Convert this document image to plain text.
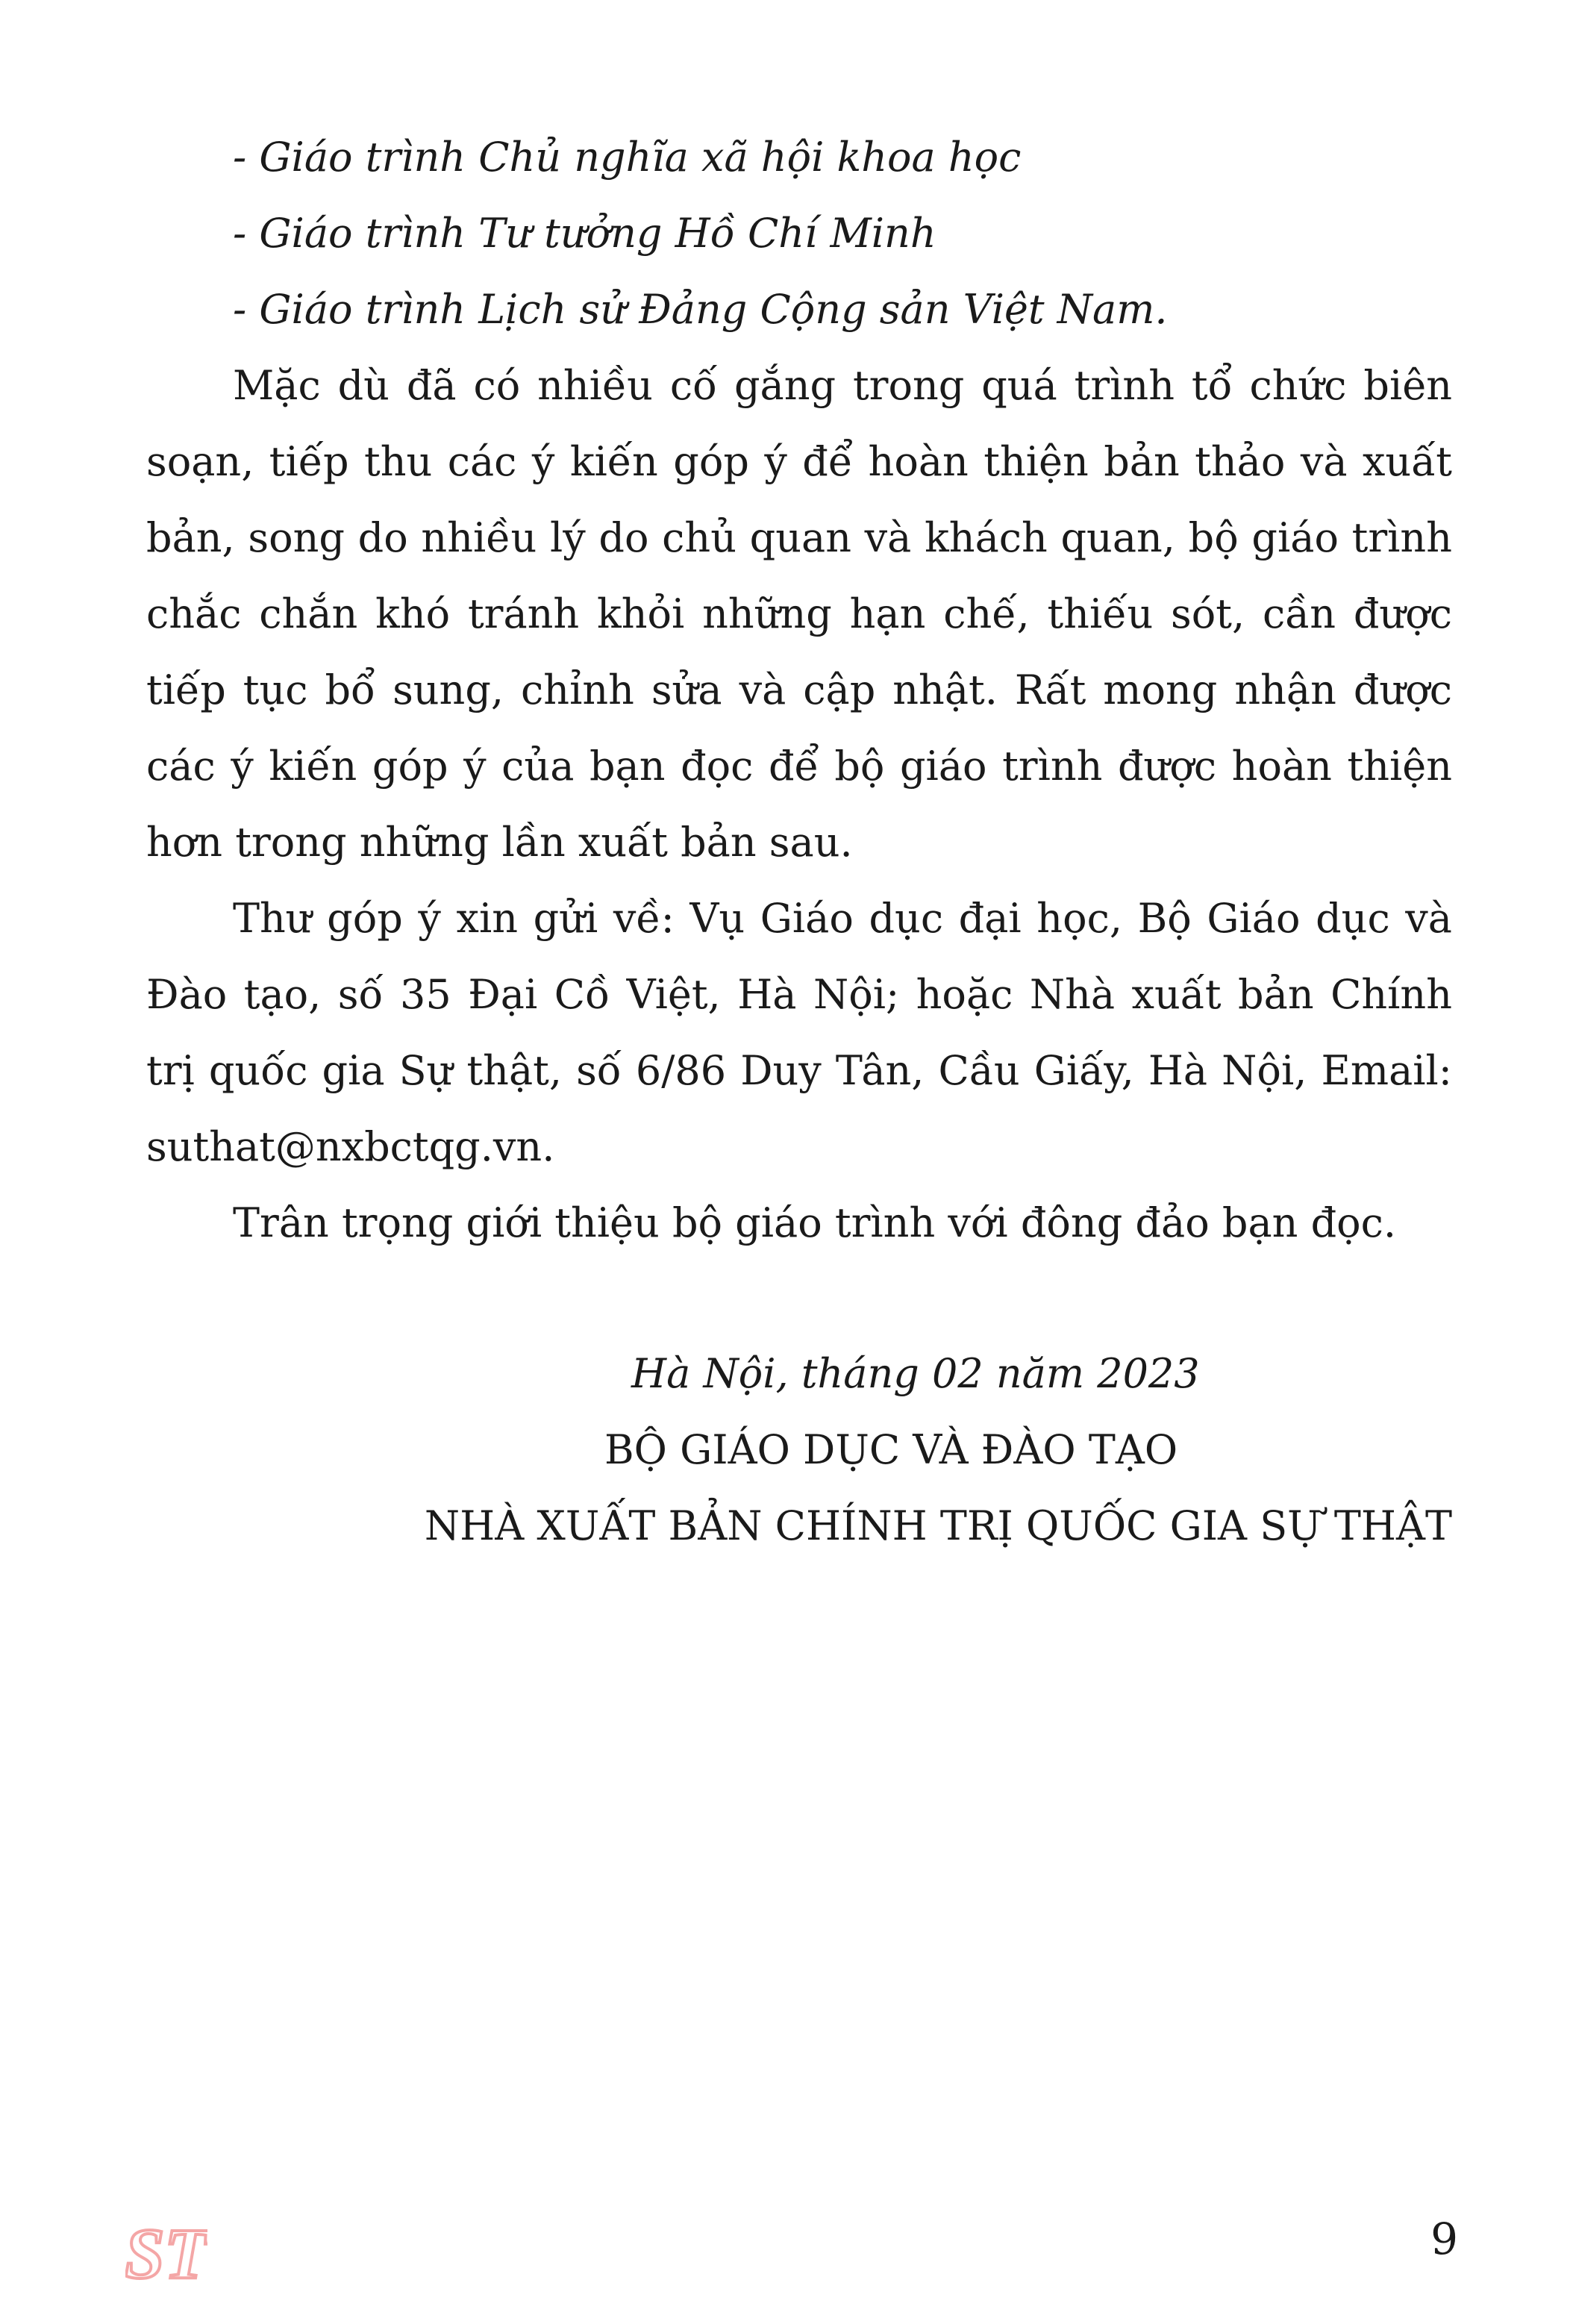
- Giáo trình Chủ nghĩa xã hội khoa học
- Giáo trình Tư tưởng Hồ Chí Minh
- Giáo trình Lịch sử Đảng Cộng sản Việt Nam.
Mặc dù đã có nhiều cố gắng trong quá trình tổ chức biên
soạn, tiếp thu các ý kiến góp ý để hoàn thiện bản thảo và xuất
bản, song do nhiều lý do chủ quan và khách quan, bộ giáo trình
chắc chắn khó tránh khỏi những hạn chế, thiếu sót, cần được
tiếp tục bổ sung, chỉnh sửa và cập nhật. Rất mong nhận được
các ý kiến góp ý của bạn đọc để bộ giáo trình được hoàn thiện
hơn trong những lần xuất bản sau.
Thư góp ý xin gửi về: Vụ Giáo dục đại học, Bộ Giáo dục và
Đào tạo, số 35 Đại Cồ Việt, Hà Nội; hoặc Nhà xuất bản Chính
trị quốc gia Sự thật, số 6/86 Duy Tân, Cầu Giấy, Hà Nội, Email:
suthat@nxbctqg.vn.
Trân trọng giới thiệu bộ giáo trình với đông đảo bạn đọc.
Hà Nội, tháng 02 năm 2023
BỘ GIÁO DỤC VÀ ĐÀO TẠO
NHÀ XUẤT BẢN CHÍNH TRỊ QUỐC GIA SỰ THẬT
ST	9
